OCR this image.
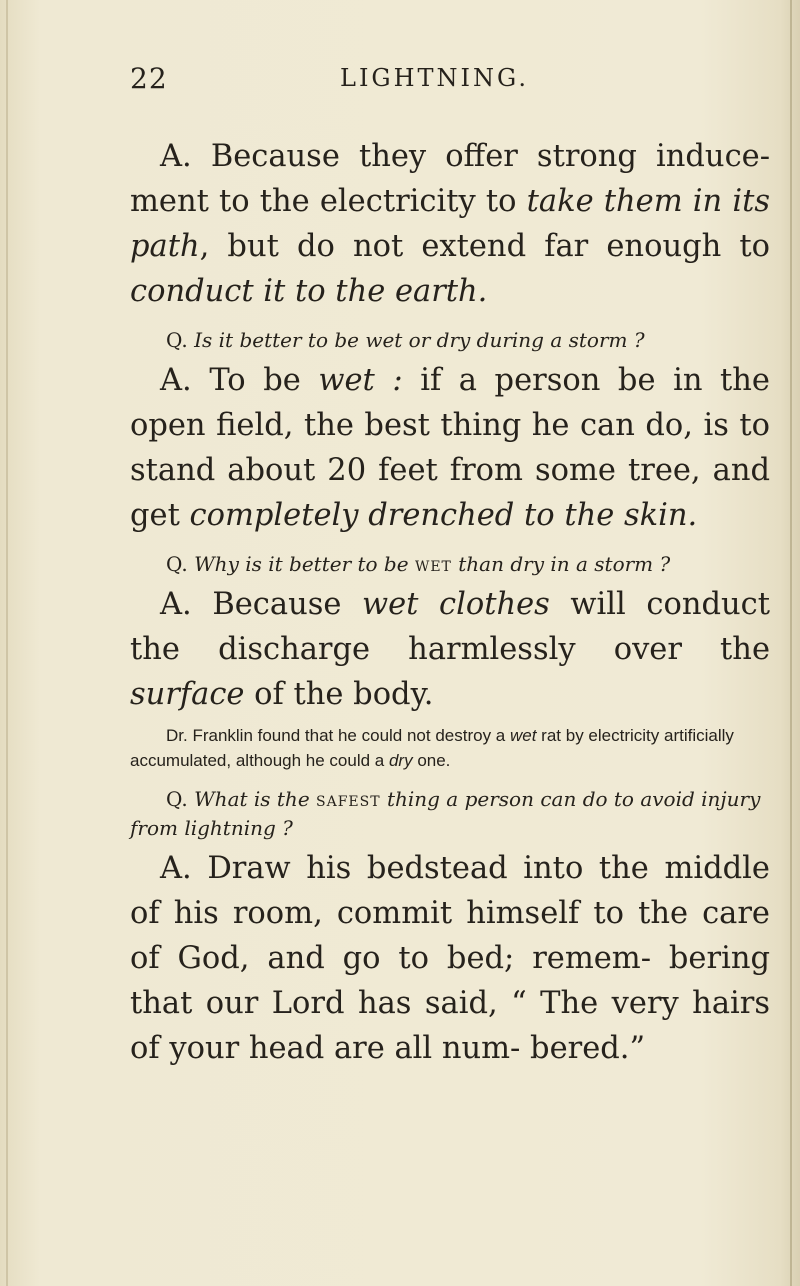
22	LIGHTNING.

A. Because they offer strong induce- ment to the electricity to take them in its path, but do not extend far enough to conduct it to the earth.

Q. Is it better to be wet or dry during a storm ?

A. To be wet : if a person be in the open field, the best thing he can do, is to stand about 20 feet from some tree, and get completely drenched to the skin.

Q. Why is it better to be wet than dry in a storm ?

A. Because wet clothes will conduct the discharge harmlessly over the surface of the body.

Dr. Franklin found that he could not destroy a wet rat by electricity artificially accumulated, although he could a dry one.

Q. What is the safest thing a person can do to avoid injury from lightning ?

A. Draw his bedstead into the middle of his room, commit himself to the care of God, and go to bed; remem- bering that our Lord has said, “ The very hairs of your head are all num- bered.”
